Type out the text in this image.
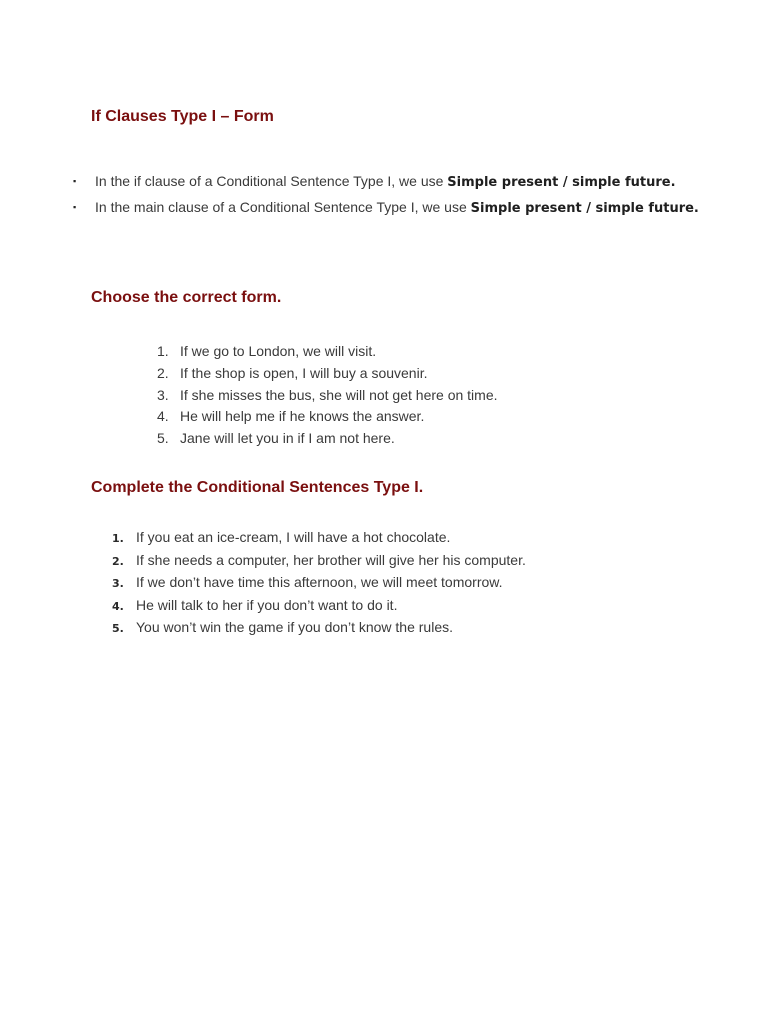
If Clauses Type I – Form
▪ In the if clause of a Conditional Sentence Type I, we use Simple present / simple future.
▪ In the main clause of a Conditional Sentence Type I, we use Simple present / simple future.
Choose the correct form.
1. If we go to London, we will visit.
2. If the shop is open, I will buy a souvenir.
3. If she misses the bus, she will not get here on time.
4. He will help me if he knows the answer.
5. Jane will let you in if I am not here.
Complete the Conditional Sentences Type I.
1. If you eat an ice-cream, I will have a hot chocolate.
2. If she needs a computer, her brother will give her his computer.
3. If we don’t have time this afternoon, we will meet tomorrow.
4. He will talk to her if you don’t want to do it.
5. You won’t win the game if you don’t know the rules.
